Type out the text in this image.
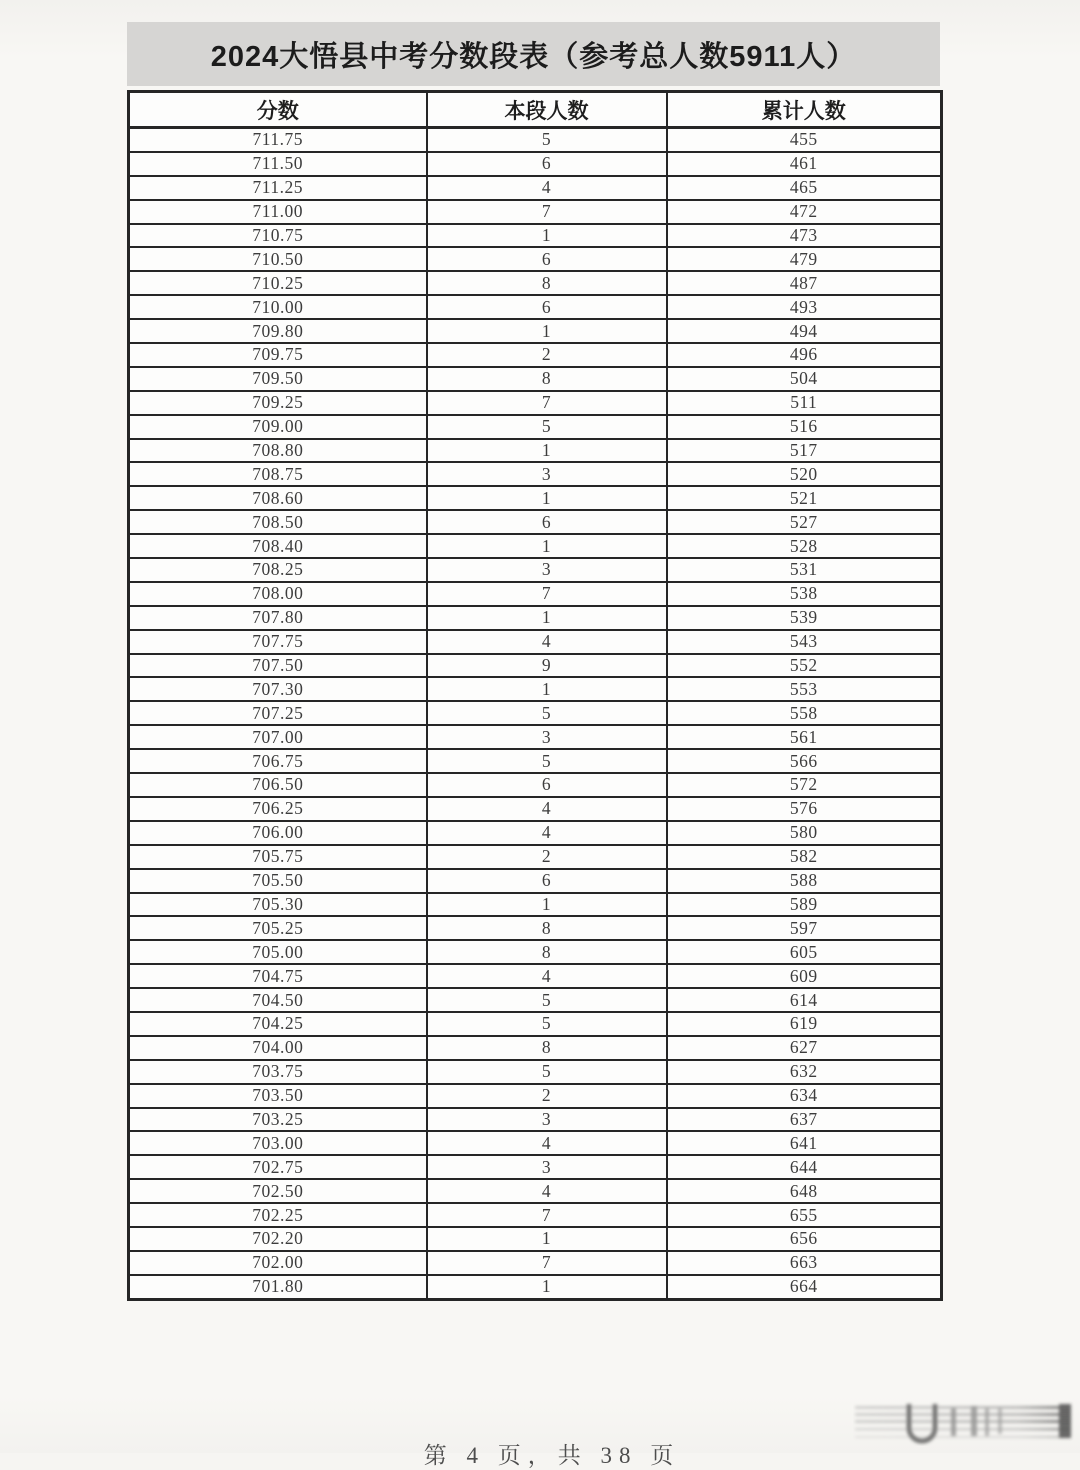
2024大悟县中考分数段表（参考总人数5911人）
分数	本段人数	累计人数
711.75	5	455
711.50	6	461
711.25	4	465
711.00	7	472
710.75	1	473
710.50	6	479
710.25	8	487
710.00	6	493
709.80	1	494
709.75	2	496
709.50	8	504
709.25	7	511
709.00	5	516
708.80	1	517
708.75	3	520
708.60	1	521
708.50	6	527
708.40	1	528
708.25	3	531
708.00	7	538
707.80	1	539
707.75	4	543
707.50	9	552
707.30	1	553
707.25	5	558
707.00	3	561
706.75	5	566
706.50	6	572
706.25	4	576
706.00	4	580
705.75	2	582
705.50	6	588
705.30	1	589
705.25	8	597
705.00	8	605
704.75	4	609
704.50	5	614
704.25	5	619
704.00	8	627
703.75	5	632
703.50	2	634
703.25	3	637
703.00	4	641
702.75	3	644
702.50	4	648
702.25	7	655
702.20	1	656
702.00	7	663
701.80	1	664
第 4 页，共 38 页
